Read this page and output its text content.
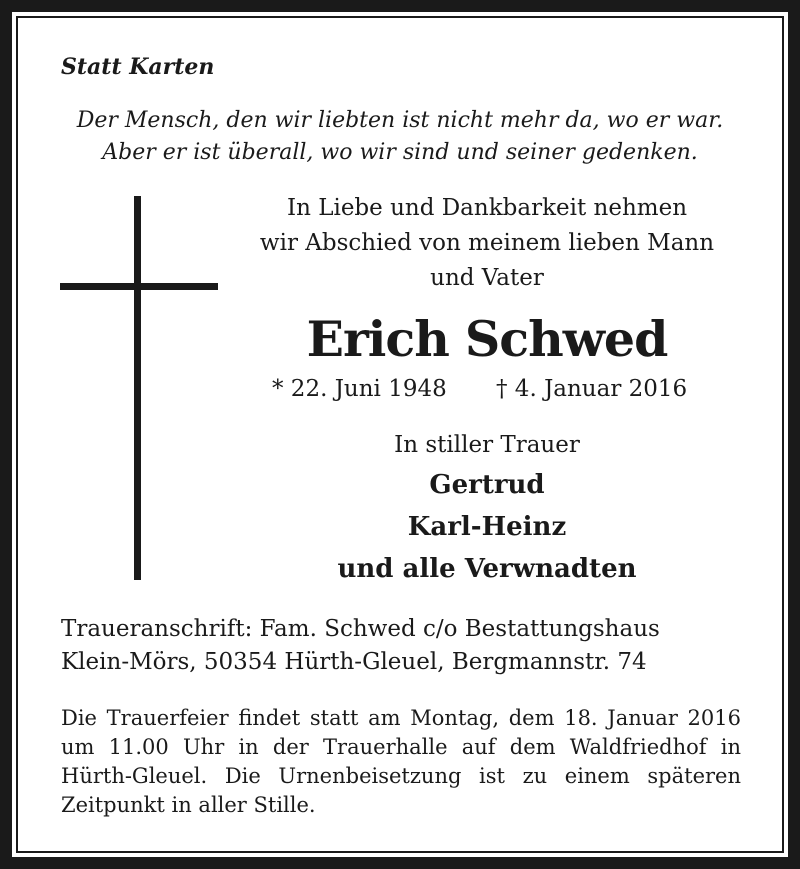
Statt Karten

Der Mensch, den wir liebten ist nicht mehr da, wo er war.

Aber er ist überall, wo wir sind und seiner gedenken.

In Liebe und Dankbarkeit nehmen

wir Abschied von meinem lieben Mann

und Vater

Erich Schwed

* 22. Juni 1948 † 4. Januar 2016

In stiller Trauer

Gertrud

Karl-Heinz

und alle Verwnadten

Traueranschrift: Fam. Schwed c/o Bestattungshaus

Klein-Mörs, 50354 Hürth-Gleuel, Bergmannstr. 74

Die Trauerfeier findet statt am Montag, dem 18. Januar 2016 um 11.00 Uhr in der Trauerhalle auf dem Waldfriedhof in Hürth-Gleuel. Die Urnenbeisetzung ist zu einem späteren Zeitpunkt in aller Stille.
